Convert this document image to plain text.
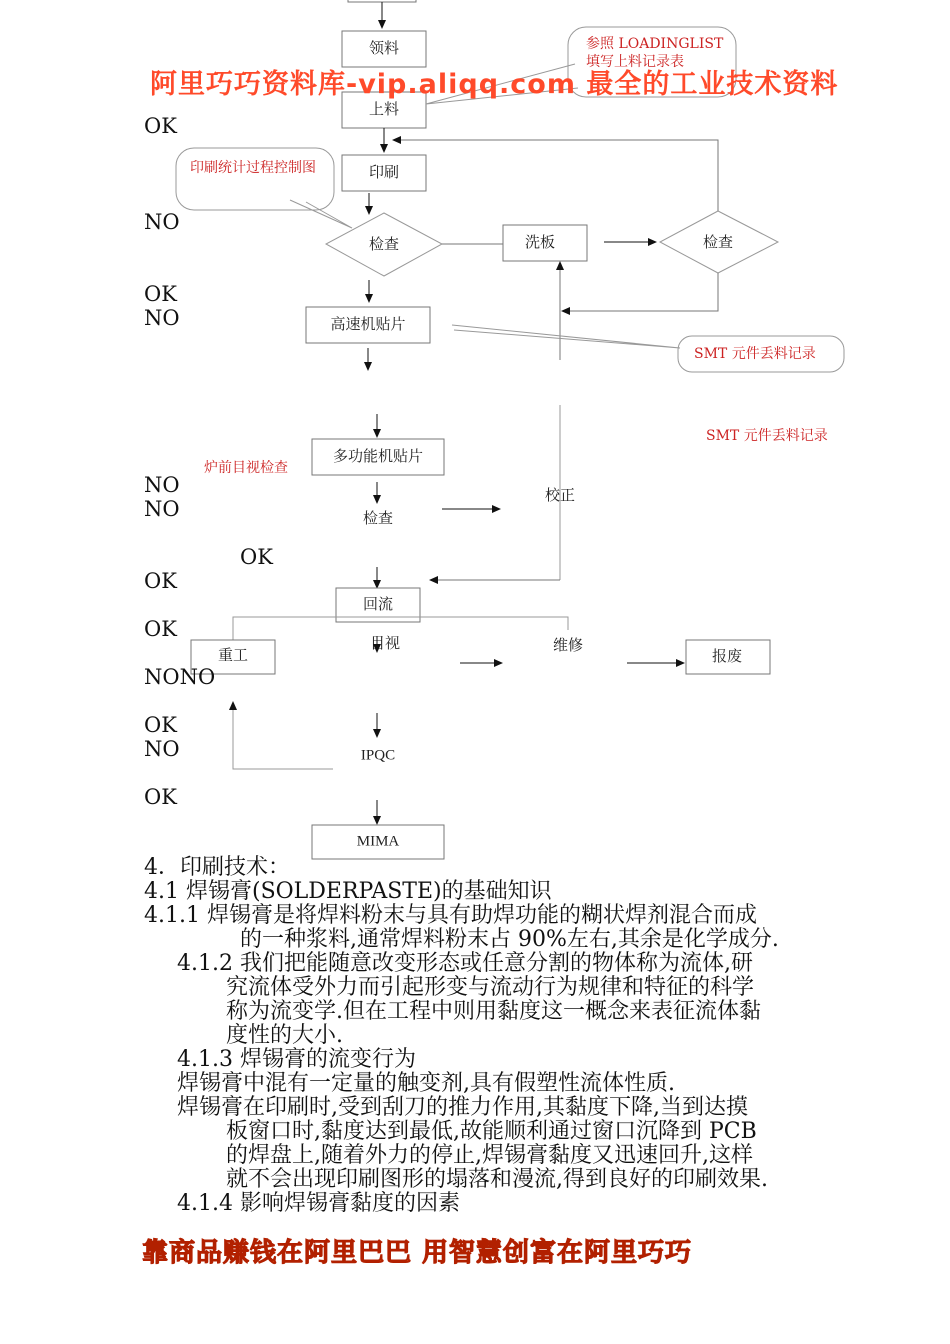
领料
上料
参照 LOADINGLIST
填写上料记录表
印刷
印刷统计过程控制图
检查	洗板	检查
高速机贴片
SMT 元件丢料记录
校正
SMT 元件丢料记录
多功能机贴片
炉前目视检查
检查
回流
重工
目视	维修
报废
IPQC
MIMA
阿里巧巧资料库-vip.aliqq.com 最全的工业技术资料
OK
NO
OK
NO
NO
NO
OK
OK
NONO
OK
NO
OK
OK
4．印刷技术：
4.1 焊锡膏(SOLDERPASTE)的基础知识
4.1.1 焊锡膏是将焊料粉末与具有助焊功能的糊状焊剂混合而成
的一种浆料,通常焊料粉末占 90%左右,其余是化学成分.
4.1.2 我们把能随意改变形态或任意分割的物体称为流体,研
究流体受外力而引起形变与流动行为规律和特征的科学
称为流变学.但在工程中则用黏度这一概念来表征流体黏
度性的大小.
4.1.3 焊锡膏的流变行为
焊锡膏中混有一定量的触变剂,具有假塑性流体性质.
焊锡膏在印刷时,受到刮刀的推力作用,其黏度下降,当到达摸
板窗口时,黏度达到最低,故能顺利通过窗口沉降到 PCB
的焊盘上,随着外力的停止,焊锡膏黏度又迅速回升,这样
就不会出现印刷图形的塌落和漫流,得到良好的印刷效果.
4.1.4 影响焊锡膏黏度的因素
靠商品赚钱在阿里巴巴 用智慧创富在阿里巧巧
